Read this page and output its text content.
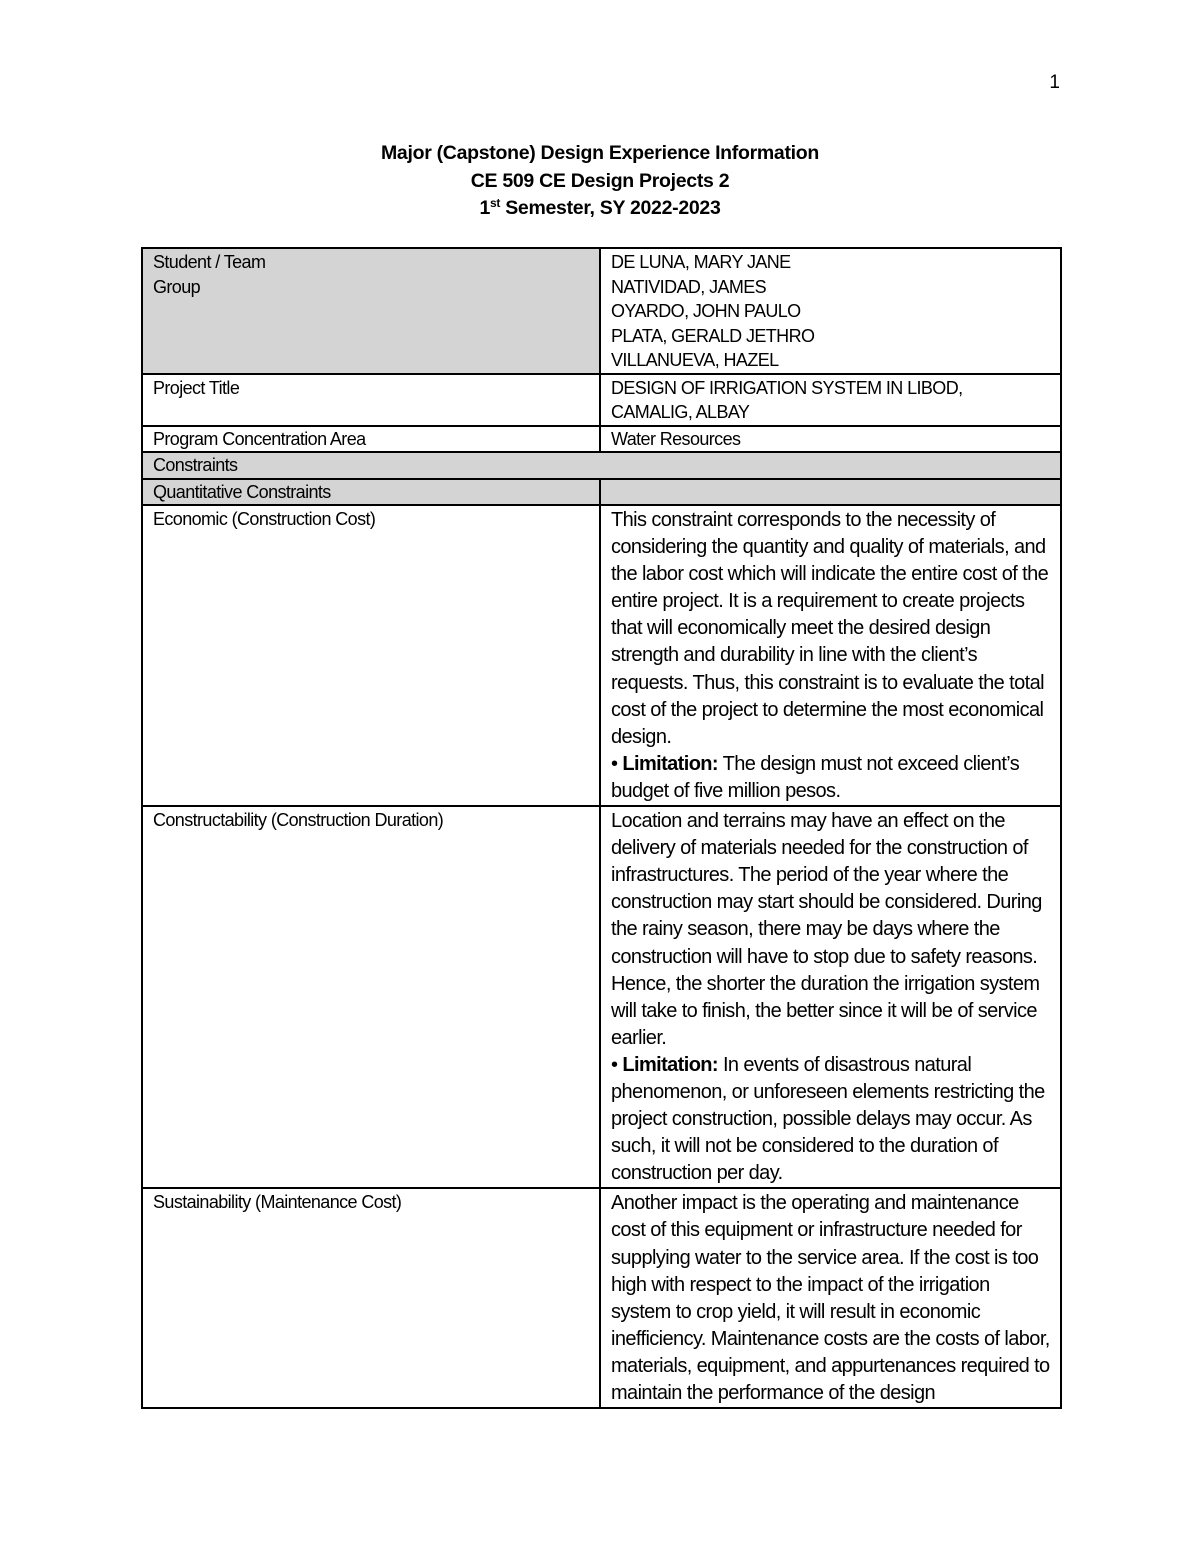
1
Major (Capstone) Design Experience Information
CE 509 CE Design Projects 2
1st Semester, SY 2022-2023
Student / Team
Group	DE LUNA, MARY JANE
NATIVIDAD, JAMES
OYARDO, JOHN PAULO
PLATA, GERALD JETHRO
VILLANUEVA, HAZEL

Project Title	DESIGN OF IRRIGATION SYSTEM IN LIBOD,
CAMALIG, ALBAY

Program Concentration Area	Water Resources
Constraints	
Quantitative Constraints	
Economic (Construction Cost)	This constraint corresponds to the necessity of considering the quantity and quality of materials, and the labor cost which will indicate the entire cost of the entire project. It is a requirement to create projects that will economically meet the desired design strength and durability in line with the client’s requests. Thus, this constraint is to evaluate the total cost of the project to determine the most economical design.
• Limitation: The design must not exceed client’s budget of five million pesos.

Constructability (Construction Duration)	Location and terrains may have an effect on the delivery of materials needed for the construction of infrastructures. The period of the year where the construction may start should be considered. During the rainy season, there may be days where the construction will have to stop due to safety reasons. Hence, the shorter the duration the irrigation system will take to finish, the better since it will be of service earlier.
• Limitation: In events of disastrous natural phenomenon, or unforeseen elements restricting the project construction, possible delays may occur. As such, it will not be considered to the duration of construction per day.

Sustainability (Maintenance Cost)	Another impact is the operating and maintenance cost of this equipment or infrastructure needed for supplying water to the service area. If the cost is too high with respect to the impact of the irrigation system to crop yield, it will result in economic inefficiency. Maintenance costs are the costs of labor, materials, equipment, and appurtenances required to maintain the performance of the design
